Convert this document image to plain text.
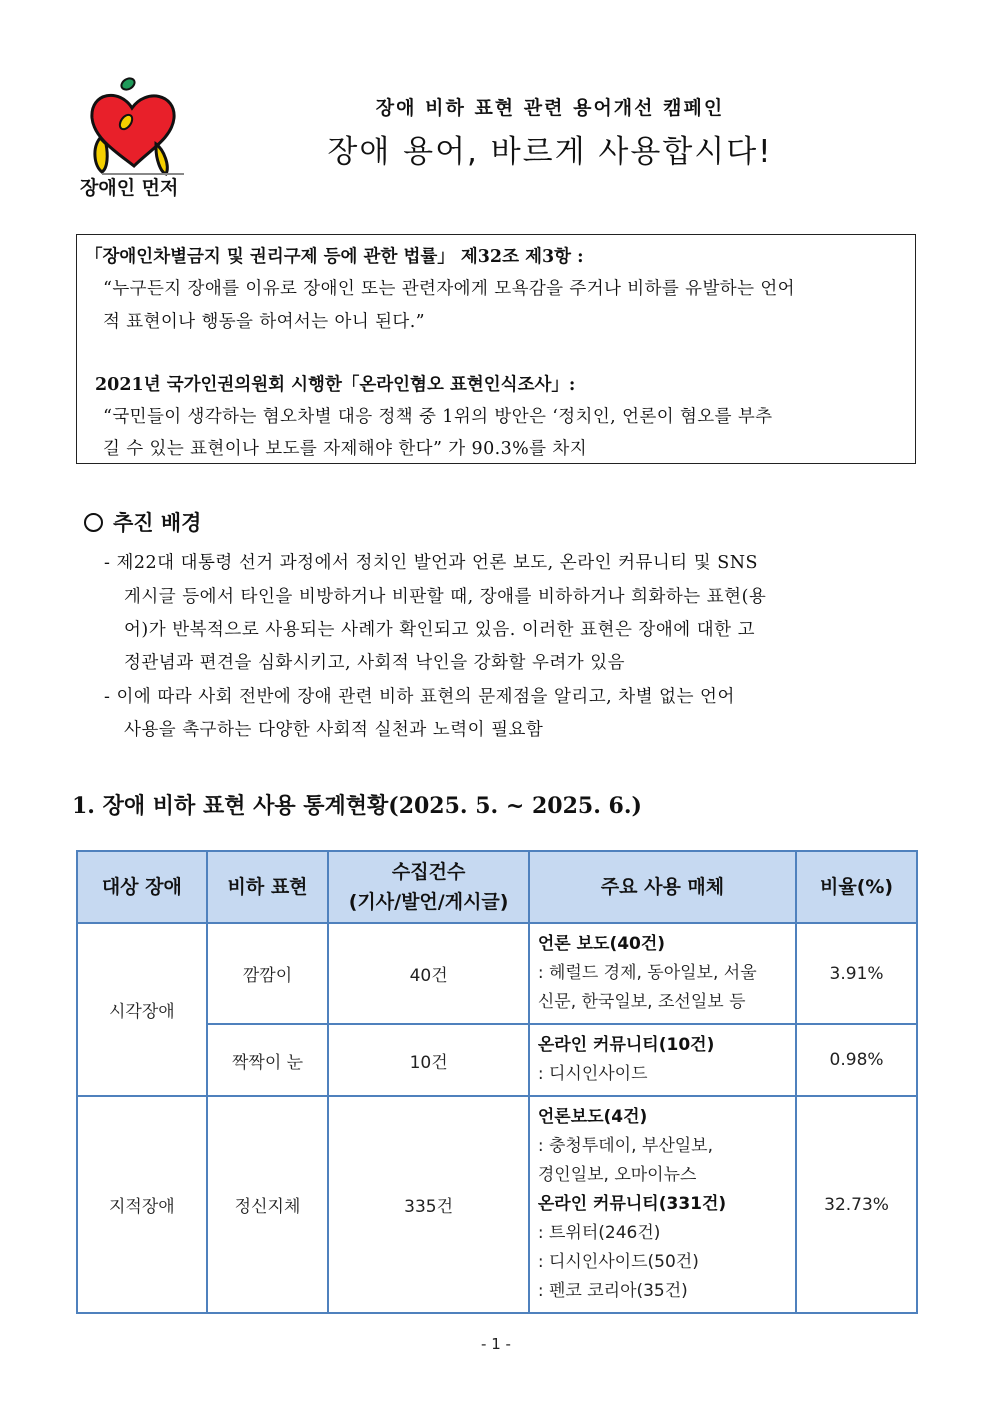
장애인 먼저
장애 비하 표현 관련 용어개선 캠페인
장애 용어, 바르게 사용합시다!
「장애인차별금지 및 권리구제 등에 관한 법률」 제32조 제3항 :
“누구든지 장애를 이유로 장애인 또는 관련자에게 모욕감을 주거나 비하를 유발하는 언어
적 표현이나 행동을 하여서는 아니 된다.”
2021년 국가인권의원회 시행한「온라인혐오 표현인식조사」:
“국민들이 생각하는 혐오차별 대응 정책 중 1위의 방안은 ‘정치인, 언론이 혐오를 부추
길 수 있는 표현이나 보도를 자제해야 한다” 가 90.3%를 차지
추진 배경
- 제22대 대통령 선거 과정에서 정치인 발언과 언론 보도, 온라인 커뮤니티 및 SNS
게시글 등에서 타인을 비방하거나 비판할 때, 장애를 비하하거나 희화하는 표현(용
어)가 반복적으로 사용되는 사례가 확인되고 있음. 이러한 표현은 장애에 대한 고
정관념과 편견을 심화시키고, 사회적 낙인을 강화할 우려가 있음
- 이에 따라 사회 전반에 장애 관련 비하 표현의 문제점을 알리고, 차별 없는 언어
사용을 촉구하는 다양한 사회적 실천과 노력이 필요함
1. 장애 비하 표현 사용 통계현황(2025. 5. ~ 2025. 6.)
대상 장애	비하 표현	수집건수
(기사/발언/게시글)	주요 사용 매체	비율(%)
시각장애	깜깜이	40건	언론 보도(40건)
: 헤럴드 경제, 동아일보, 서울
신문, 한국일보, 조선일보 등	3.91%
	짝짝이 눈	10건	온라인 커뮤니티(10건)
: 디시인사이드	0.98%
지적장애	정신지체	335건	
언론보도(4건)
: 충청투데이, 부산일보,
경인일보, 오마이뉴스
온라인 커뮤니티(331건)
: 트위터(246건)
: 디시인사이드(50건)
: 펜코 코리아(35건)
	32.73%
- 1 -
